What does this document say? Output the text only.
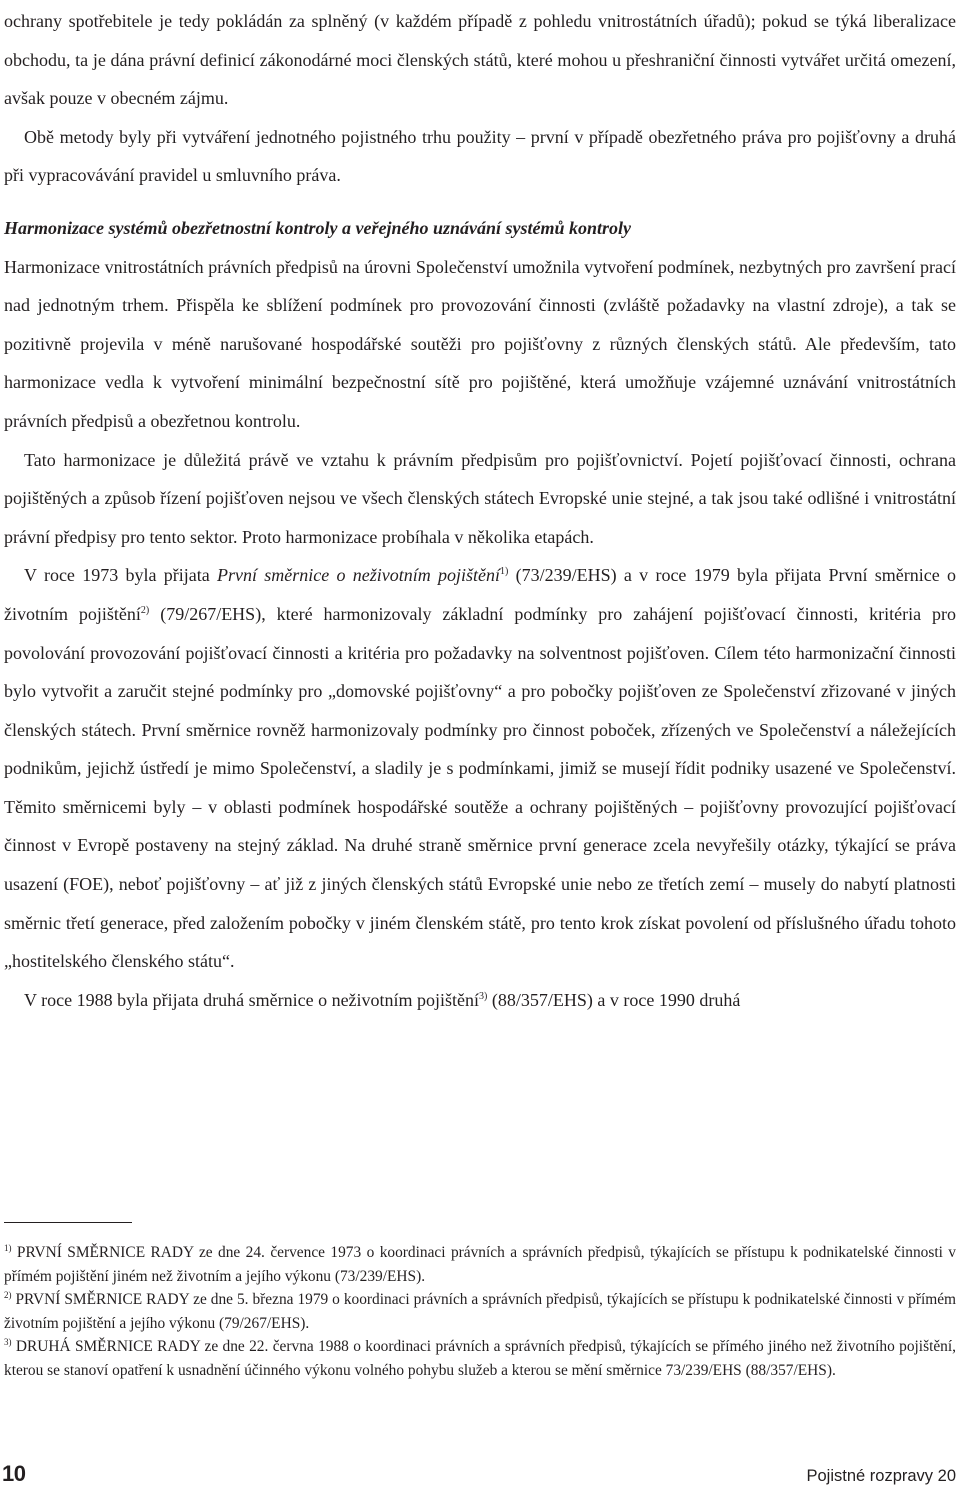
ochrany spotřebitele je tedy pokládán za splněný (v každém případě z pohledu vnitrostátních úřadů); pokud se týká liberalizace obchodu, ta je dána právní definicí zákonodárné moci členských států, které mohou u přeshraniční činnosti vytvářet určitá omezení, avšak pouze v obecném zájmu.

Obě metody byly při vytváření jednotného pojistného trhu použity – první v případě obezřetného práva pro pojišťovny a druhá při vypracovávání pravidel u smluvního práva.

Harmonizace systémů obezřetnostní kontroly a veřejného uznávání systémů kontroly

Harmonizace vnitrostátních právních předpisů na úrovni Společenství umožnila vytvoření podmínek, nezbytných pro završení prací nad jednotným trhem. Přispěla ke sblížení podmínek pro provozování činnosti (zvláště požadavky na vlastní zdroje), a tak se pozitivně projevila v méně narušované hospodářské soutěži pro pojišťovny z různých členských států. Ale především, tato harmonizace vedla k vytvoření minimální bezpečnostní sítě pro pojištěné, která umožňuje vzájemné uznávání vnitrostátních právních předpisů a obezřetnou kontrolu.

Tato harmonizace je důležitá právě ve vztahu k právním předpisům pro pojišťovnictví. Pojetí pojišťovací činnosti, ochrana pojištěných a způsob řízení pojišťoven nejsou ve všech členských státech Evropské unie stejné, a tak jsou také odlišné i vnitrostátní právní předpisy pro tento sektor. Proto harmonizace probíhala v několika etapách.

V roce 1973 byla přijata První směrnice o neživotním pojištění$^{1)}$ (73/239/EHS) a v roce 1979 byla přijata První směrnice o životním pojištění$^{2)}$ (79/267/EHS), které harmonizovaly základní podmínky pro zahájení pojišťovací činnosti, kritéria pro povolování provozování pojišťovací činnosti a kritéria pro požadavky na solventnost pojišťoven. Cílem této harmonizační činnosti bylo vytvořit a zaručit stejné podmínky pro „domovské pojišťovny“ a pro pobočky pojišťoven ze Společenství zřizované v jiných členských státech. První směrnice rovněž harmonizovaly podmínky pro činnost poboček, zřízených ve Společenství a náležejících podnikům, jejichž ústředí je mimo Společenství, a sladily je s podmínkami, jimiž se musejí řídit podniky usazené ve Společenství. Těmito směrnicemi byly – v oblasti podmínek hospodářské soutěže a ochrany pojištěných – pojišťovny provozující pojišťovací činnost v Evropě postaveny na stejný základ. Na druhé straně směrnice první generace zcela nevyřešily otázky, týkající se práva usazení (FOE), neboť pojišťovny – ať již z jiných členských států Evropské unie nebo ze třetích zemí – musely do nabytí platnosti směrnic třetí generace, před založením pobočky v jiném členském státě, pro tento krok získat povolení od příslušného úřadu tohoto „hostitelského členského státu“.

V roce 1988 byla přijata druhá směrnice o neživotním pojištění$^{3)}$ (88/357/EHS) a v roce 1990 druhá

$^{1)}$ PRVNÍ SMĚRNICE RADY ze dne 24. července 1973 o koordinaci právních a správních předpisů, týkajících se přístupu k podnikatelské činnosti v přímém pojištění jiném než životním a jejího výkonu (73/239/EHS).

$^{2)}$ PRVNÍ SMĚRNICE RADY ze dne 5. března 1979 o koordinaci právních a správních předpisů, týkajících se přístupu k podnikatelské činnosti v přímém životním pojištění a jejího výkonu (79/267/EHS).

$^{3)}$ DRUHÁ SMĚRNICE RADY ze dne 22. června 1988 o koordinaci právních a správních předpisů, týkajících se přímého jiného než životního pojištění, kterou se stanoví opatření k usnadnění účinného výkonu volného pohybu služeb a kterou se mění směrnice 73/239/EHS (88/357/EHS).

10	Pojistné rozpravy 20
